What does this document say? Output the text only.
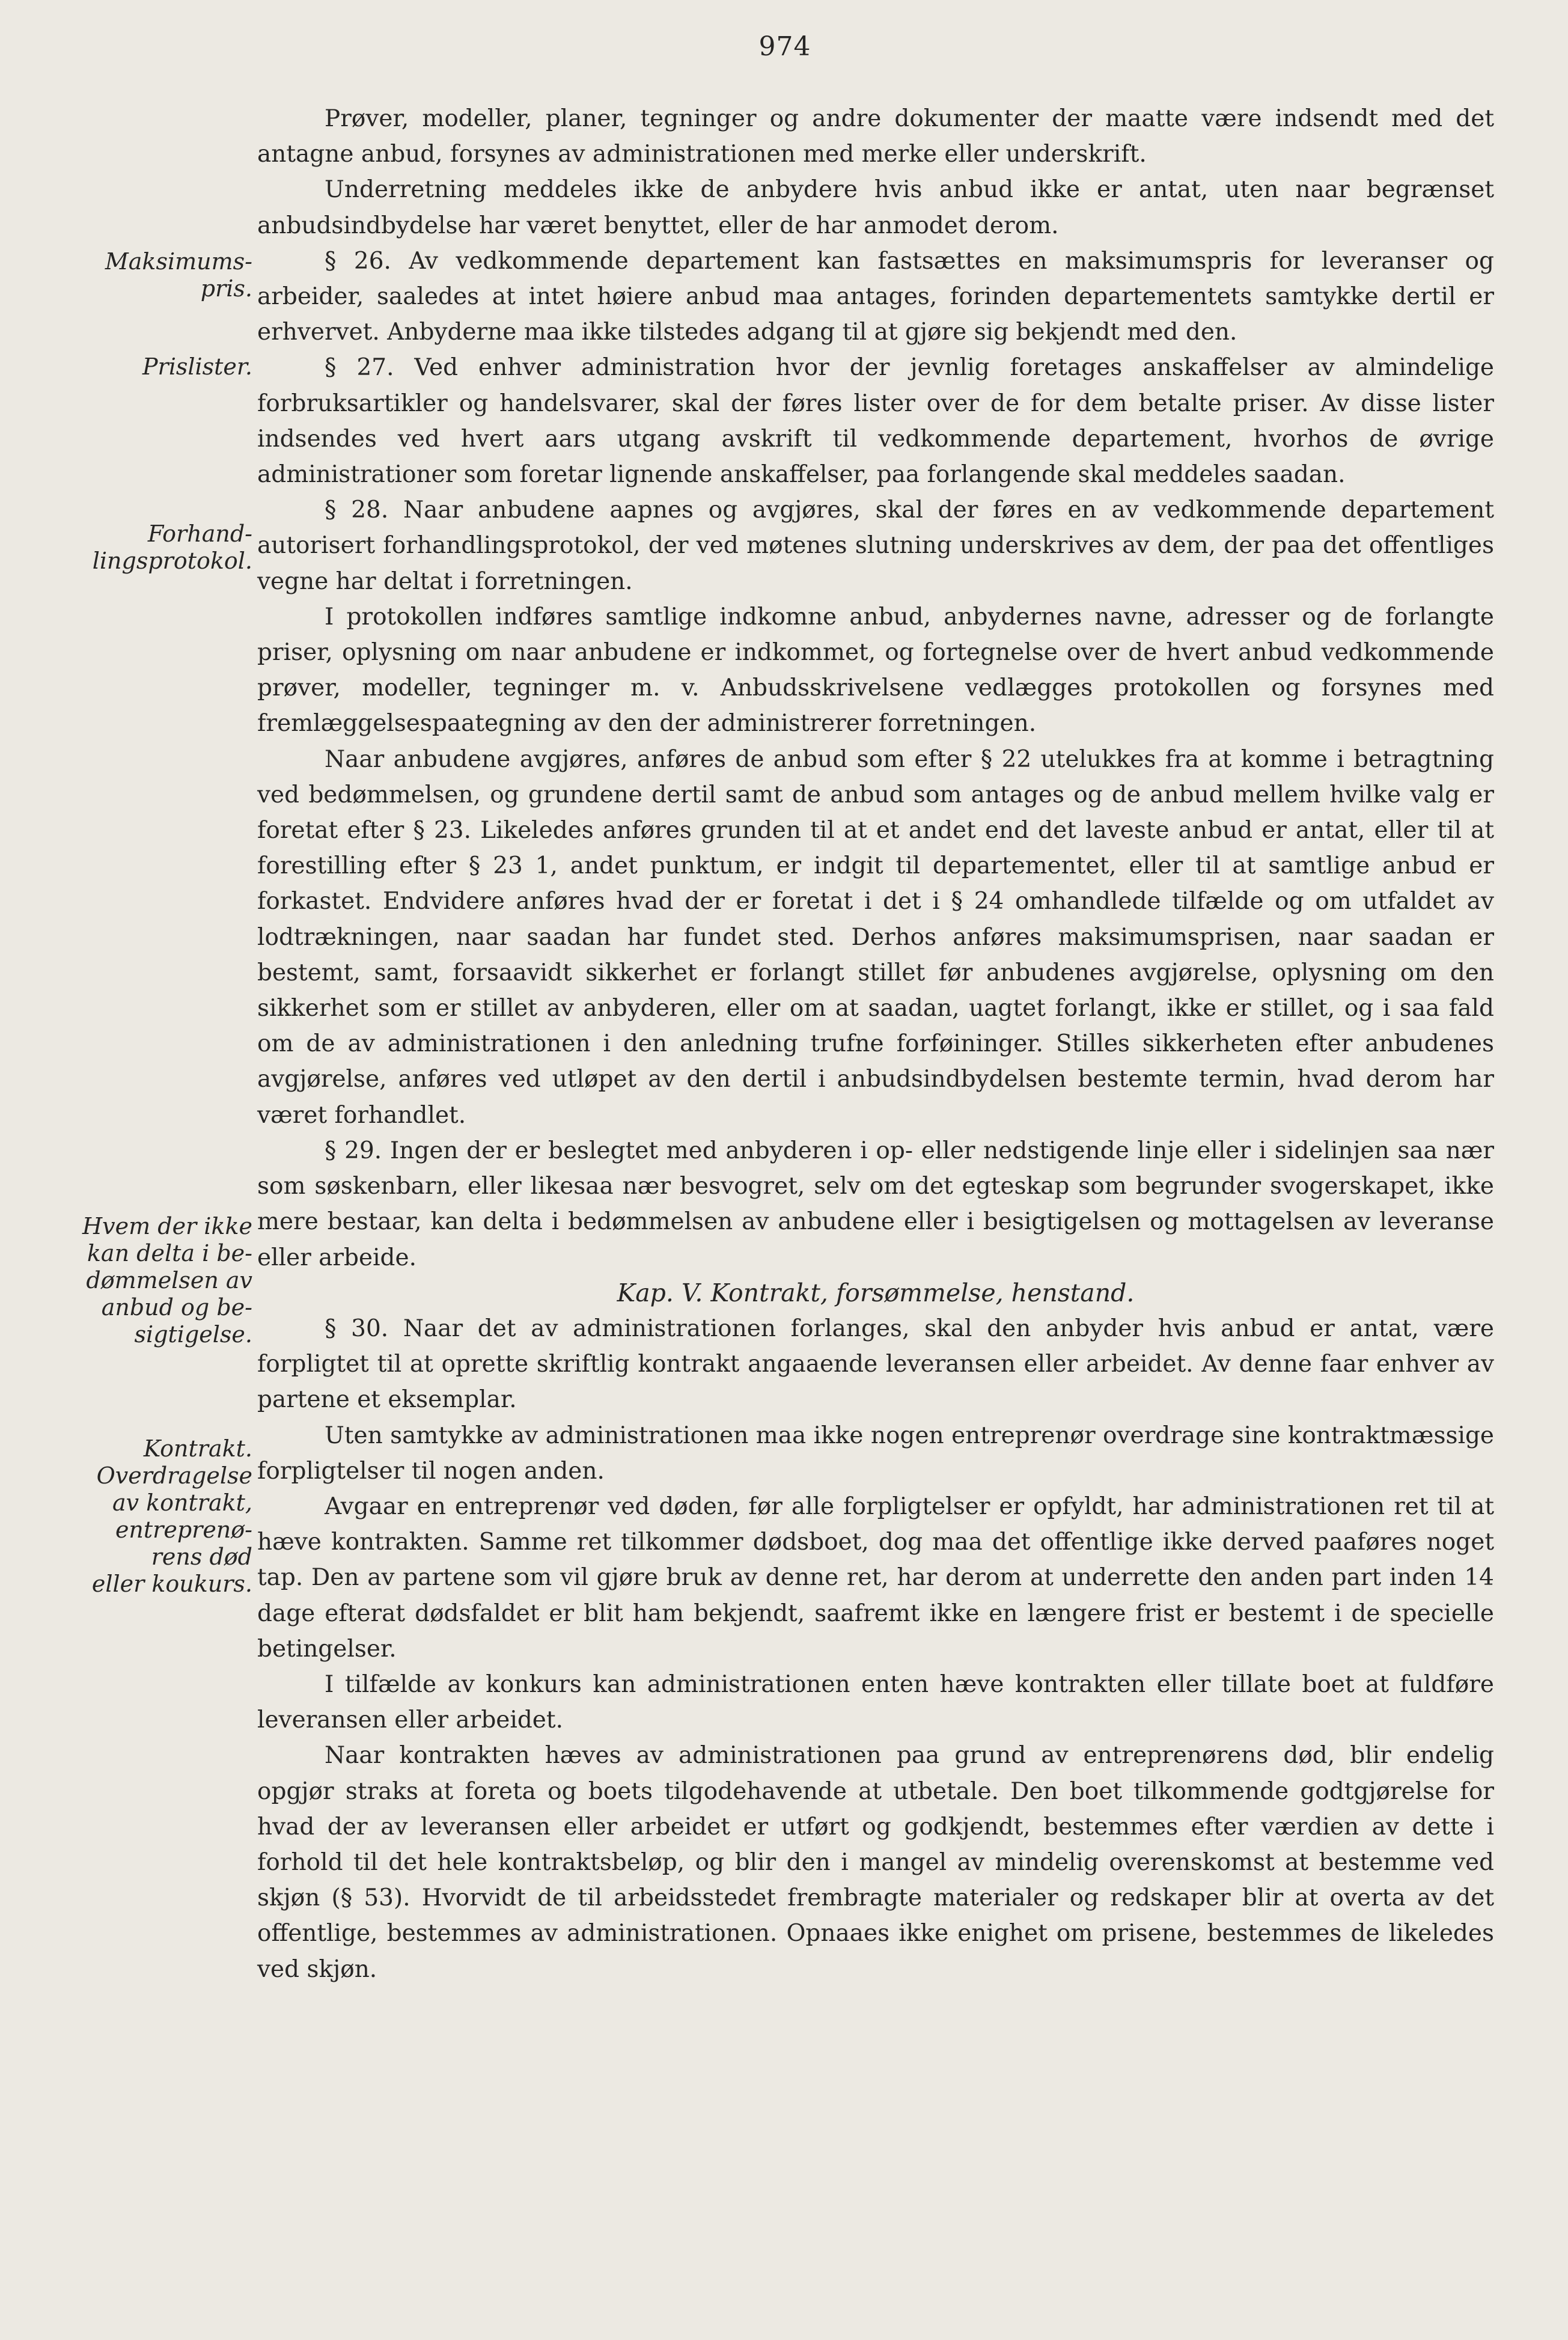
974
Maksimums-
pris.
Prislister.
Forhand-
lingsprotokol.
Hvem der ikke
kan delta i be-
dømmelsen av
anbud og be-
sigtigelse.
Kontrakt.
Overdragelse
av kontrakt,
entreprenø-
rens død
eller koukurs.

Prøver, modeller, planer, tegninger og andre dokumenter der maatte være indsendt med det antagne anbud, forsynes av administrationen med merke eller underskrift.

Underretning meddeles ikke de anbydere hvis anbud ikke er antat, uten naar begrænset anbudsindbydelse har været benyttet, eller de har anmodet derom.

§ 26. Av vedkommende departement kan fastsættes en maksimumspris for leveranser og arbeider, saaledes at intet høiere anbud maa antages, forinden departementets samtykke dertil er erhvervet. Anbyderne maa ikke tilstedes adgang til at gjøre sig bekjendt med den.

§ 27. Ved enhver administration hvor der jevnlig foretages anskaffelser av almindelige forbruksartikler og handelsvarer, skal der føres lister over de for dem betalte priser. Av disse lister indsendes ved hvert aars utgang avskrift til vedkommende departement, hvorhos de øvrige administrationer som foretar lignende anskaffelser, paa forlangende skal meddeles saadan.

§ 28. Naar anbudene aapnes og avgjøres, skal der føres en av vedkommende departement autorisert forhandlingsprotokol, der ved møtenes slutning underskrives av dem, der paa det offentliges vegne har deltat i forretningen.

I protokollen indføres samtlige indkomne anbud, anbydernes navne, adresser og de forlangte priser, oplysning om naar anbudene er indkommet, og fortegnelse over de hvert anbud vedkommende prøver, modeller, tegninger m. v. Anbudsskrivelsene vedlægges protokollen og forsynes med fremlæggelsespaategning av den der administrerer forretningen.

Naar anbudene avgjøres, anføres de anbud som efter § 22 utelukkes fra at komme i betragtning ved bedømmelsen, og grundene dertil samt de anbud som antages og de anbud mellem hvilke valg er foretat efter § 23. Likeledes anføres grunden til at et andet end det laveste anbud er antat, eller til at forestilling efter § 23 1, andet punktum, er indgit til departementet, eller til at samtlige anbud er forkastet. Endvidere anføres hvad der er foretat i det i § 24 omhandlede tilfælde og om utfaldet av lodtrækningen, naar saadan har fundet sted. Derhos anføres maksimumsprisen, naar saadan er bestemt, samt, forsaavidt sikkerhet er forlangt stillet før anbudenes avgjørelse, oplysning om den sikkerhet som er stillet av anbyderen, eller om at saadan, uagtet forlangt, ikke er stillet, og i saa fald om de av administrationen i den anledning trufne forføininger. Stilles sikkerheten efter anbudenes avgjørelse, anføres ved utløpet av den dertil i anbudsindbydelsen bestemte termin, hvad derom har været forhandlet.

§ 29. Ingen der er beslegtet med anbyderen i op- eller nedstigende linje eller i sidelinjen saa nær som søskenbarn, eller likesaa nær besvogret, selv om det egteskap som begrunder svogerskapet, ikke mere bestaar, kan delta i bedømmelsen av anbudene eller i besigtigelsen og mottagelsen av leveranse eller arbeide.

Kap. V. Kontrakt, forsømmelse, henstand.

§ 30. Naar det av administrationen forlanges, skal den anbyder hvis anbud er antat, være forpligtet til at oprette skriftlig kontrakt angaaende leveransen eller arbeidet. Av denne faar enhver av partene et eksemplar.

Uten samtykke av administrationen maa ikke nogen entreprenør overdrage sine kontraktmæssige forpligtelser til nogen anden.

Avgaar en entreprenør ved døden, før alle forpligtelser er opfyldt, har administrationen ret til at hæve kontrakten. Samme ret tilkommer dødsboet, dog maa det offentlige ikke derved paaføres noget tap. Den av partene som vil gjøre bruk av denne ret, har derom at underrette den anden part inden 14 dage efterat dødsfaldet er blit ham bekjendt, saafremt ikke en længere frist er bestemt i de specielle betingelser.

I tilfælde av konkurs kan administrationen enten hæve kontrakten eller tillate boet at fuldføre leveransen eller arbeidet.

Naar kontrakten hæves av administrationen paa grund av entreprenørens død, blir endelig opgjør straks at foreta og boets tilgodehavende at utbetale. Den boet tilkommende godtgjørelse for hvad der av leveransen eller arbeidet er utført og godkjendt, bestemmes efter værdien av dette i forhold til det hele kontraktsbeløp, og blir den i mangel av mindelig overenskomst at bestemme ved skjøn (§ 53). Hvorvidt de til arbeidsstedet frembragte materialer og redskaper blir at overta av det offentlige, bestemmes av administrationen. Opnaaes ikke enighet om prisene, bestemmes de likeledes ved skjøn.
